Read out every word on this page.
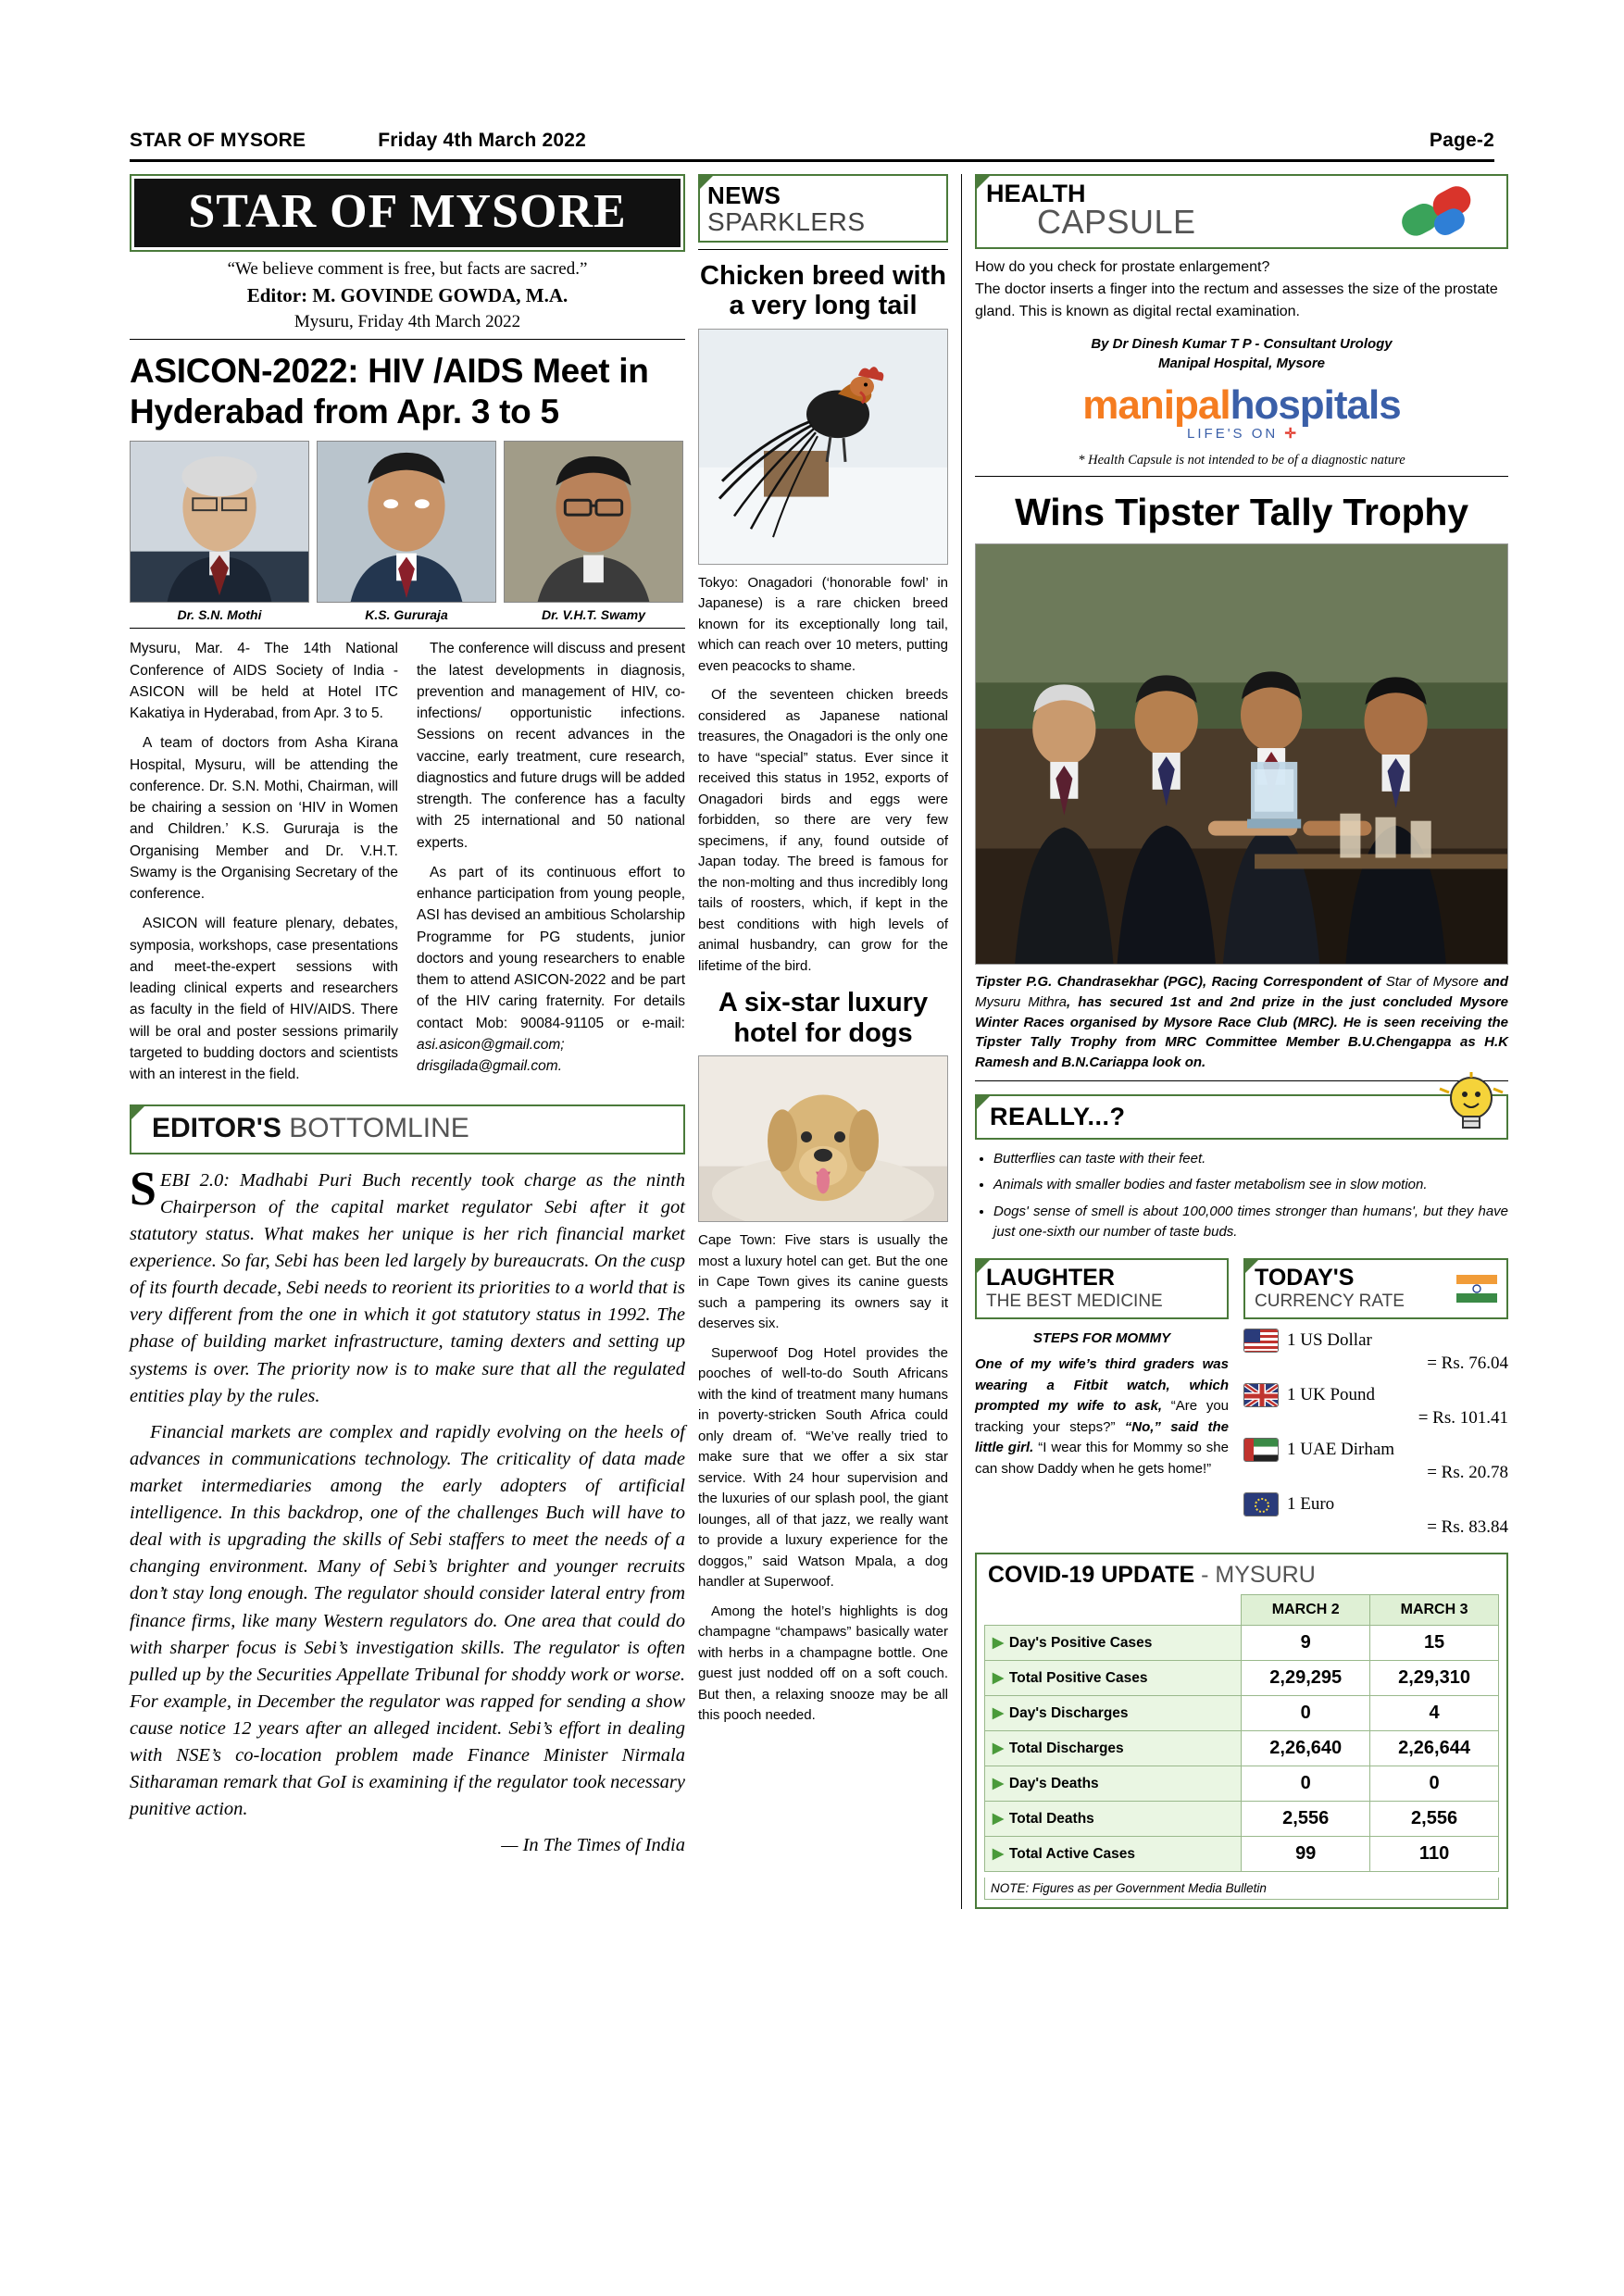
STAR OF MYSORE	Friday 4th March 2022	Page-2
STAR OF MYSORE
“We believe comment is free, but facts are sacred.”
Editor: M. GOVINDE GOWDA, M.A.
Mysuru, Friday 4th March 2022
ASICON-2022: HIV /AIDS Meet in Hyderabad from Apr. 3 to 5
Dr. S.N. Mothi	K.S. Gururaja	Dr. V.H.T. Swamy

Mysuru, Mar. 4- The 14th National Conference of AIDS Society of India - ASICON will be held at Hotel ITC Kakatiya in Hyderabad, from Apr. 3 to 5.

A team of doctors from Asha Kirana Hospital, Mysuru, will be attending the conference. Dr. S.N. Mothi, Chairman, will be chairing a session on ‘HIV in Women and Children.’ K.S. Gururaja is the Organising Member and Dr. V.H.T. Swamy is the Organising Secretary of the conference.

ASICON will feature plenary, debates, symposia, workshops, case presentations and meet-the-expert sessions with leading clinical experts and researchers as faculty in the field of HIV/AIDS. There will be oral and poster sessions primarily targeted to budding doctors and scientists with an interest in the field.

The conference will discuss and present the latest developments in diagnosis, prevention and management of HIV, co-infections/ opportunistic infections. Sessions on recent advances in the vaccine, early treatment, cure research, diagnostics and future drugs will be added strength. The conference has a faculty with 25 international and 50 national experts.

As part of its continuous effort to enhance participation from young people, ASI has devised an ambitious Scholarship Programme for PG students, junior doctors and young researchers to enable them to attend ASICON-2022 and be part of the HIV caring fraternity. For details contact Mob: 90084-91105 or e-mail: asi.asicon@gmail.com; drisgilada@gmail.com.

EDITOR'S BOTTOMLINE

SEBI 2.0: Madhabi Puri Buch recently took charge as the ninth Chairperson of the capital market regulator Sebi after it got statutory status. What makes her unique is her rich financial market experience. So far, Sebi has been led largely by bureaucrats. On the cusp of its fourth decade, Sebi needs to reorient its priorities to a world that is very different from the one in which it got statutory status in 1992. The phase of building market infrastructure, taming dexters and setting up systems is over. The priority now is to make sure that all the regulated entities play by the rules.

Financial markets are complex and rapidly evolving on the heels of advances in communications technology. The criticality of data made market intermediaries among the early adopters of artificial intelligence. In this backdrop, one of the challenges Buch will have to deal with is upgrading the skills of Sebi staffers to meet the needs of a changing environment. Many of Sebi’s brighter and younger recruits don’t stay long enough. The regulator should consider lateral entry from finance firms, like many Western regulators do. One area that could do with sharper focus is Sebi’s investigation skills. The regulator is often pulled up by the Securities Appellate Tribunal for shoddy work or worse. For example, in December the regulator was rapped for sending a show cause notice 12 years after an alleged incident. Sebi’s effort in dealing with NSE’s co-location problem made Finance Minister Nirmala Sitharaman remark that GoI is examining if the regulator took necessary punitive action.

— In The Times of India
NEWS
SPARKLERS
Chicken breed with a very long tail

Tokyo: Onagadori (‘honorable fowl’ in Japanese) is a rare chicken breed known for its exceptionally long tail, which can reach over 10 meters, putting even peacocks to shame.

Of the seventeen chicken breeds considered as Japanese national treasures, the Onagadori is the only one to have “special” status. Ever since it received this status in 1952, exports of Onagadori birds and eggs were forbidden, so there are very few specimens, if any, found outside of Japan today. The breed is famous for the non-molting and thus incredibly long tails of roosters, which, if kept in the best conditions with high levels of animal husbandry, can grow for the lifetime of the bird.

A six-star luxury hotel for dogs

Cape Town: Five stars is usually the most a luxury hotel can get. But the one in Cape Town gives its canine guests such a pampering its owners say it deserves six.

Superwoof Dog Hotel provides the pooches of well-to-do South Africans with the kind of treatment many humans in poverty-stricken South Africa could only dream of. “We’ve really tried to make sure that we offer a six star service. With 24 hour supervision and the luxuries of our splash pool, the giant lounges, all of that jazz, we really want to provide a luxury experience for the doggos,” said Watson Mpala, a dog handler at Superwoof.

Among the hotel’s highlights is dog champagne “champaws” basically water with herbs in a champagne bottle. One guest just nodded off on a soft couch. But then, a relaxing snooze may be all this pooch needed.

HEALTH
CAPSULE
How do you check for prostate enlargement?
The doctor inserts a finger into the rectum and assesses the size of the prostate gland. This is known as digital rectal examination.
By Dr Dinesh Kumar T P - Consultant Urology
Manipal Hospital, Mysore
manipalhospitals
LIFE'S ON ✛
* Health Capsule is not intended to be of a diagnostic nature
Wins Tipster Tally Trophy
Tipster P.G. Chandrasekhar (PGC), Racing Correspondent of Star of Mysore and Mysuru Mithra, has secured 1st and 2nd prize in the just concluded Mysore Winter Races organised by Mysore Race Club (MRC). He is seen receiving the Tipster Tally Trophy from MRC Committee Member B.U.Chengappa as H.K Ramesh and B.N.Cariappa look on.
REALLY...?
• Butterflies can taste with their feet.
• Animals with smaller bodies and faster metabolism see in slow motion.
• Dogs' sense of smell is about 100,000 times stronger than humans', but they have just one-sixth our number of taste buds.
LAUGHTER
THE BEST MEDICINE
STEPS FOR MOMMY
One of my wife’s third graders was wearing a Fitbit watch, which prompted my wife to ask, “Are you tracking your steps?” “No,” said the little girl. “I wear this for Mommy so she can show Daddy when he gets home!”
TODAY'S
CURRENCY RATE
1 US Dollar
= Rs. 76.04
1 UK Pound
= Rs. 101.41
1 UAE Dirham
= Rs. 20.78
1 Euro
= Rs. 83.84
COVID-19 UPDATE - MYSURU
	MARCH 2	MARCH 3
▶ Day's Positive Cases	9	15
▶ Total Positive Cases	2,29,295	2,29,310
▶ Day's Discharges	0	4
▶ Total Discharges	2,26,640	2,26,644
▶ Day's Deaths	0	0
▶ Total Deaths	2,556	2,556
▶ Total Active Cases	99	110
NOTE: Figures as per Government Media Bulletin
